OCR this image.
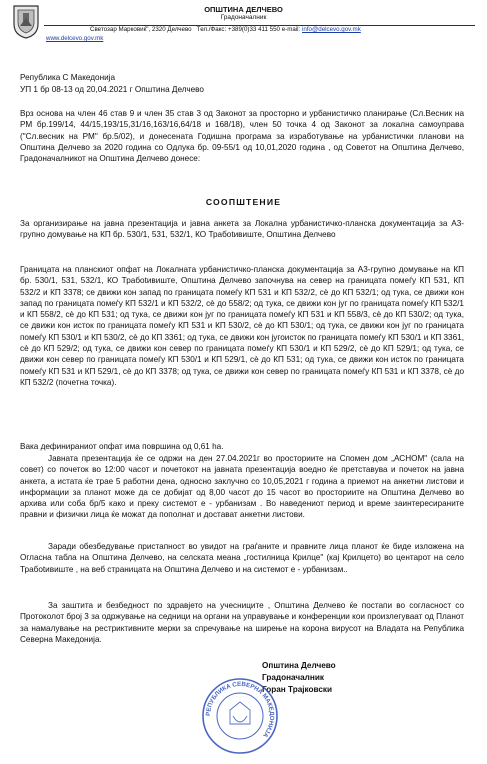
ОПШТИНА ДЕЛЧЕВО
Градоначалник
Светозар Марковиќ", 2320 Делчево Тел./Факс: +389(0)33 411 550 e-mail: info@delcevo.gov.mk
www.delcevo.gov.mk
Република С Македонија
УП 1 бр 08-13 од 20,04.2021 г Општина Делчево
Врз основа на член 46 став 9 и член 35 став 3 од Законот за просторно и урбанистичко планирање (Сл.Весник на РМ бр.199/14, 44/15,193/15,31/16,163/16,64/18 и 168/18), член 50 точка 4 од Законот за локална самоуправа ("Сл.весник на РМ" бр.5/02), и донесената Годишна програма за изработување на урбанистички планови на Општина Делчево за 2020 година со Одлука бр. 09-55/1 од 10,01,2020 година , од Советот на Општина Делчево, Градоначалникот на Општина Делчево донесе:
СООПШТЕНИЕ
За организирање на јавна презентација и јавна анкета за Локална урбанистичко-планска документација за А3-групно домување на КП бр. 530/1, 531, 532/1, КО Трабotивиште, Општина Делчево
Границата на планскиот опфат на Локалната урбанистичко-планска документација за А3-групно домување на КП бр. 530/1, 531, 532/1, КО Трабotивиште, Општина Делчево започнува на север на границата помеѓу КП 531, КП 532/2 и КП 3378; се движи кон запад по границата помеѓу КП 531 и КП 532/2, сè до КП 532/1; од тука, се движи кон запад по границата помеѓу КП 532/1 и КП 532/2, сè до 558/2; од тука, се движи кон југ по границата помеѓу КП 532/1 и КП 558/2, сè до КП 531; од тука, се движи кон југ по границата помеѓу КП 531 и КП 558/3, сè до КП 530/2; од тука, се движи кон исток по границата помеѓу КП 531 и КП 530/2, сè до КП 530/1; од тука, се движи кон југ по границата помеѓу КП 530/1 и КП 530/2, сè до КП 3361; од тука, се движи кон југоисток по границата помеѓу КП 530/1 и КП 3361, сè до КП 529/2; од тука, се движи кон север по границата помеѓу КП 530/1 и КП 529/2, сè до КП 529/1; од тука, се движи кон север по границата помеѓу КП 530/1 и КП 529/1, сè до КП 531; од тука, се движи кон исток по границата помеѓу КП 531 и КП 529/1, сè до КП 3378; од тука, се движи кон север по границата помеѓу КП 531 и КП 3378, сè до КП 532/2 (почетна точка).
Вака дефинираниот опфат има површина од 0,61 ha.
Јавната презентација ќе се одржи на ден 27.04.2021г во просториите на Спомен дом „АСНОМ" (сала на совет) со почеток во 12:00 часот и почетокот на јавната презентација воедно ќе претставува и почеток на јавна анкета, а истата ќе трае 5 работни дена, односно заклучно со 10,05,2021 г година а приемот на анкетни листови и информации за планот може да се добијат од 8,00 часот до 15 часот во просториите на Општина Делчево во архива или соба бр/5 како и преку системот е - урбанизам . Во наведениот период и време заинтересираните правни и физички лица ќе можат да пополнат и достават анкетни листови.
Заради обезбедување пристапност во увидот на граѓаните и правните лица планот ќе биде изложена на Огласна табла на Општина Делчево, на селската меана „гостилница Крилце" (кај Крилцето) во центарот на село Трабotивиште , на веб страницата на Општина Делчево и на системот е - урбанизам..
За заштита и безбедност по здравјето на учесниците , Општина Делчево ќе постапи во согласност со Протоколот број 3 за одржување на седници на органи на управување и конференции кои произлегуваат од Планот за намалување на рестриктивните мерки за спречување на ширење на корона вирусот на Владата на Република Северна Македонија.
Општина Делчево
Градоначалник
Горан Трајковски
РЕПУБЛИКА СЕВЕРНА МАКЕДОНИЈА
